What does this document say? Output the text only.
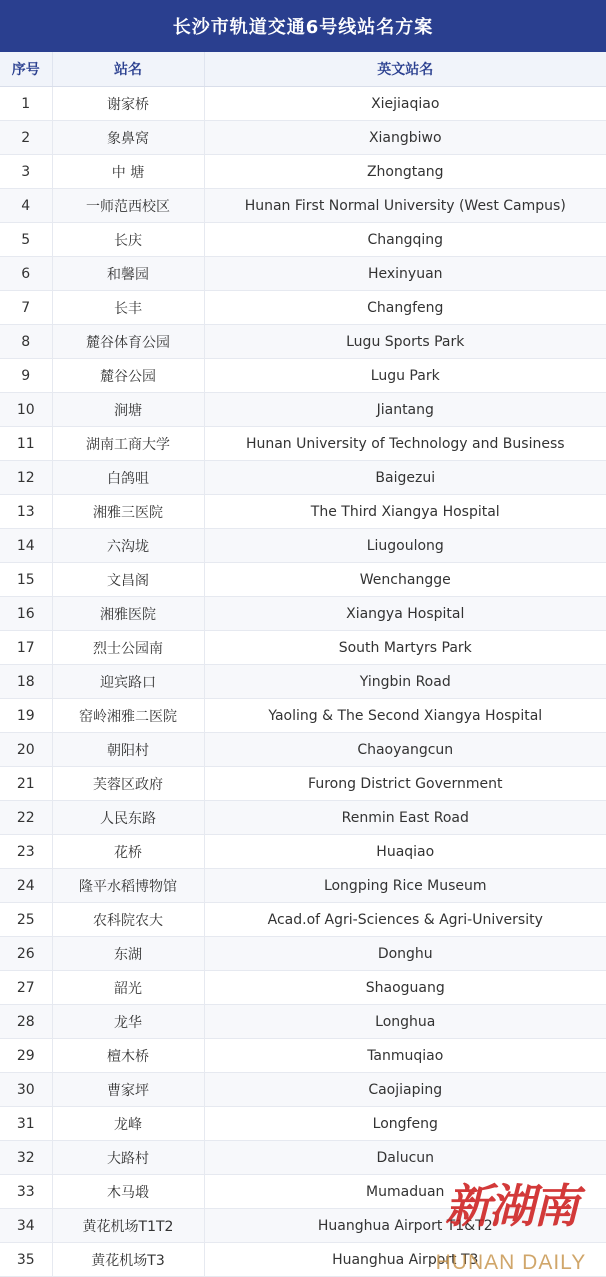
长沙市轨道交通6号线站名方案
序号	站名	英文站名
1	谢家桥	Xiejiaqiao
2	象鼻窝	Xiangbiwo
3	中 塘	Zhongtang
4	一师范西校区	Hunan First Normal University (West Campus)
5	长庆	Changqing
6	和馨园	Hexinyuan
7	长丰	Changfeng
8	麓谷体育公园	Lugu Sports Park
9	麓谷公园	Lugu Park
10	涧塘	Jiantang
11	湖南工商大学	Hunan University of Technology and Business
12	白鸽咀	Baigezui
13	湘雅三医院	The Third Xiangya Hospital
14	六沟垅	Liugoulong
15	文昌阁	Wenchangge
16	湘雅医院	Xiangya Hospital
17	烈士公园南	South Martyrs Park
18	迎宾路口	Yingbin Road
19	窑岭湘雅二医院	Yaoling & The Second Xiangya Hospital
20	朝阳村	Chaoyangcun
21	芙蓉区政府	Furong District Government
22	人民东路	Renmin East Road
23	花桥	Huaqiao
24	隆平水稻博物馆	Longping Rice Museum
25	农科院农大	Acad.of Agri-Sciences & Agri-University
26	东湖	Donghu
27	韶光	Shaoguang
28	龙华	Longhua
29	檀木桥	Tanmuqiao
30	曹家坪	Caojiaping
31	龙峰	Longfeng
32	大路村	Dalucun
33	木马塅	Mumaduan
34	黄花机场T1T2	Huanghua Airport T1&T2
35	黄花机场T3	Huanghua Airport T3
新湖南
HUNAN DAILY
